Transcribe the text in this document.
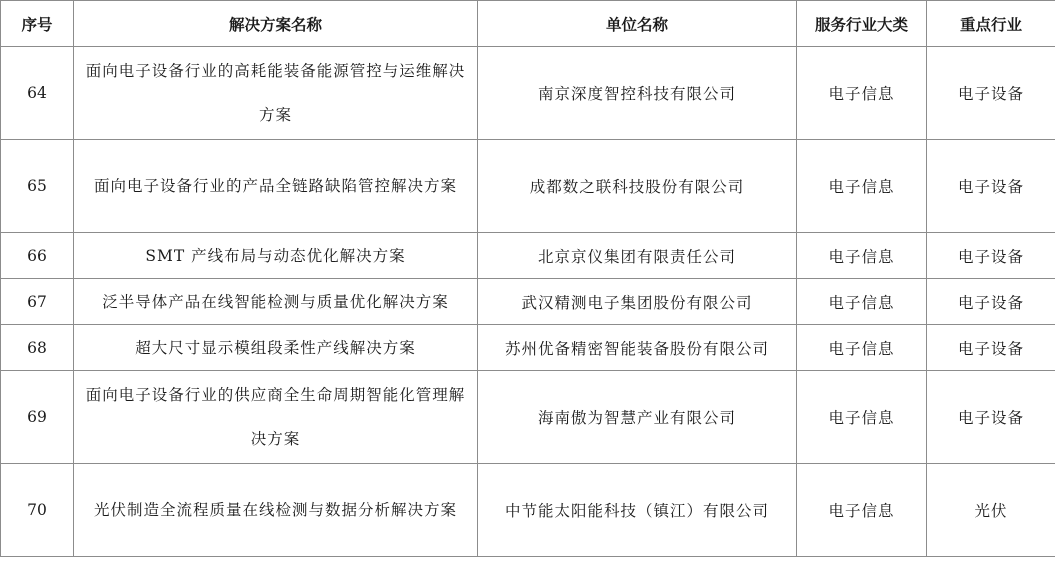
序号	解决方案名称	单位名称	服务行业大类	重点行业
64	面向电子设备行业的高耗能装备能源管控与运维解决方案	南京深度智控科技有限公司	电子信息	电子设备
65	面向电子设备行业的产品全链路缺陷管控解决方案	成都数之联科技股份有限公司	电子信息	电子设备
66	SMT 产线布局与动态优化解决方案	北京京仪集团有限责任公司	电子信息	电子设备
67	泛半导体产品在线智能检测与质量优化解决方案	武汉精测电子集团股份有限公司	电子信息	电子设备
68	超大尺寸显示模组段柔性产线解决方案	苏州优备精密智能装备股份有限公司	电子信息	电子设备
69	面向电子设备行业的供应商全生命周期智能化管理解决方案	海南傲为智慧产业有限公司	电子信息	电子设备
70	光伏制造全流程质量在线检测与数据分析解决方案	中节能太阳能科技（镇江）有限公司	电子信息	光伏
